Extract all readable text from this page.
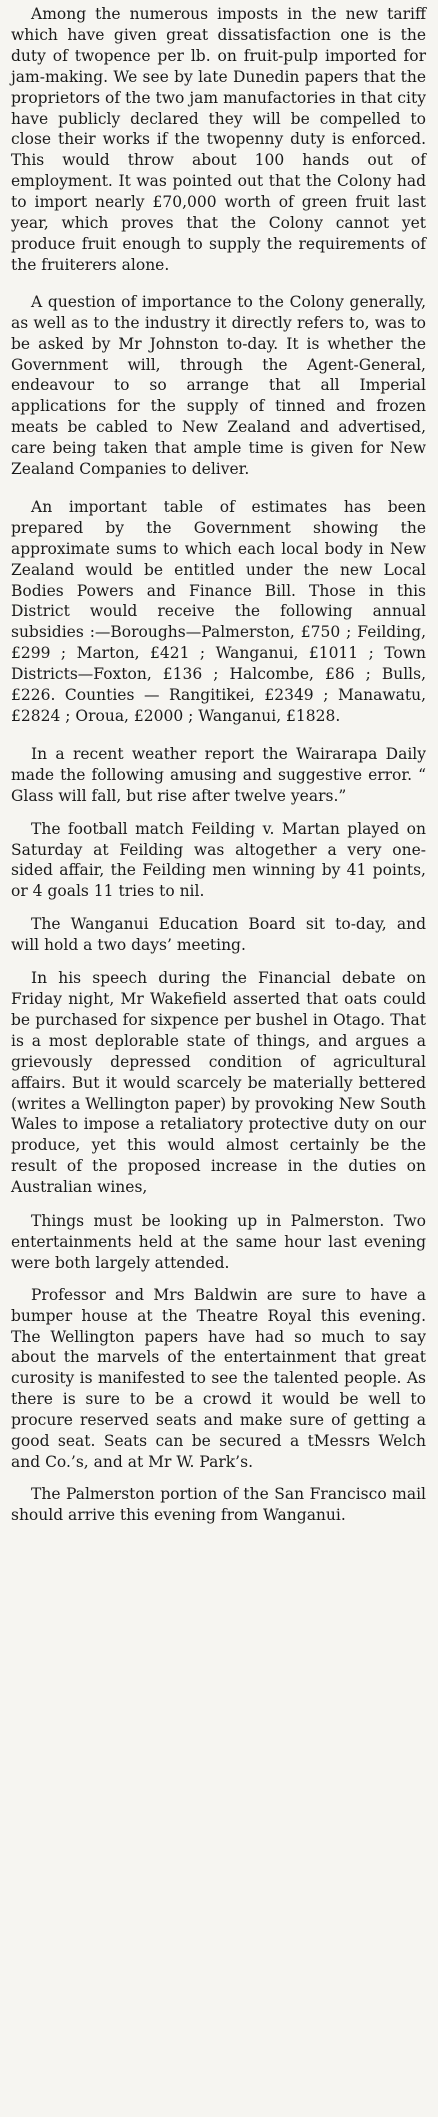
Among the numerous imposts in the new tariff which have given great dissatisfaction one is the duty of twopence per lb. on fruit-pulp imported for jam-making. We see by late Dunedin papers that the proprietors of the two jam manufactories in that city have publicly declared they will be compelled to close their works if the twopenny duty is enforced. This would throw about 100 hands out of employment. It was pointed out that the Colony had to import nearly £70,000 worth of green fruit last year, which proves that the Colony cannot yet produce fruit enough to supply the requirements of the fruiterers alone.

A question of importance to the Colony generally, as well as to the industry it directly refers to, was to be asked by Mr Johnston to-day. It is whether the Government will, through the Agent-General, endeavour to so arrange that all Imperial applications for the supply of tinned and frozen meats be cabled to New Zealand and advertised, care being taken that ample time is given for New Zealand Companies to deliver.

An important table of estimates has been prepared by the Government showing the approximate sums to which each local body in New Zealand would be entitled under the new Local Bodies Powers and Finance Bill. Those in this District would receive the following annual subsidies :—Boroughs—Palmerston, £750 ; Feilding, £299 ; Marton, £421 ; Wanganui, £1011 ; Town Districts—Foxton, £136 ; Halcombe, £86 ; Bulls, £226. Counties — Rangitikei, £2349 ; Manawatu, £2824 ; Oroua, £2000 ; Wanganui, £1828.

In a recent weather report the Wairarapa Daily made the following amusing and suggestive error. “ Glass will fall, but rise after twelve years.”

The football match Feilding v. Martan played on Saturday at Feilding was altogether a very one-sided affair, the Feilding men winning by 41 points, or 4 goals 11 tries to nil.

The Wanganui Education Board sit to-day, and will hold a two days’ meeting.

In his speech during the Financial debate on Friday night, Mr Wakefield asserted that oats could be purchased for sixpence per bushel in Otago. That is a most deplorable state of things, and argues a grievously depressed condition of agricultural affairs. But it would scarcely be materially bettered (writes a Wellington paper) by provoking New South Wales to impose a retaliatory protective duty on our produce, yet this would almost certainly be the result of the proposed increase in the duties on Australian wines,

Things must be looking up in Palmerston. Two entertainments held at the same hour last evening were both largely attended.

Professor and Mrs Baldwin are sure to have a bumper house at the Theatre Royal this evening. The Wellington papers have had so much to say about the marvels of the entertainment that great curosity is manifested to see the talented people. As there is sure to be a crowd it would be well to procure reserved seats and make sure of getting a good seat. Seats can be secured a tMessrs Welch and Co.’s, and at Mr W. Park’s.

The Palmerston portion of the San Francisco mail should arrive this evening from Wanganui.
